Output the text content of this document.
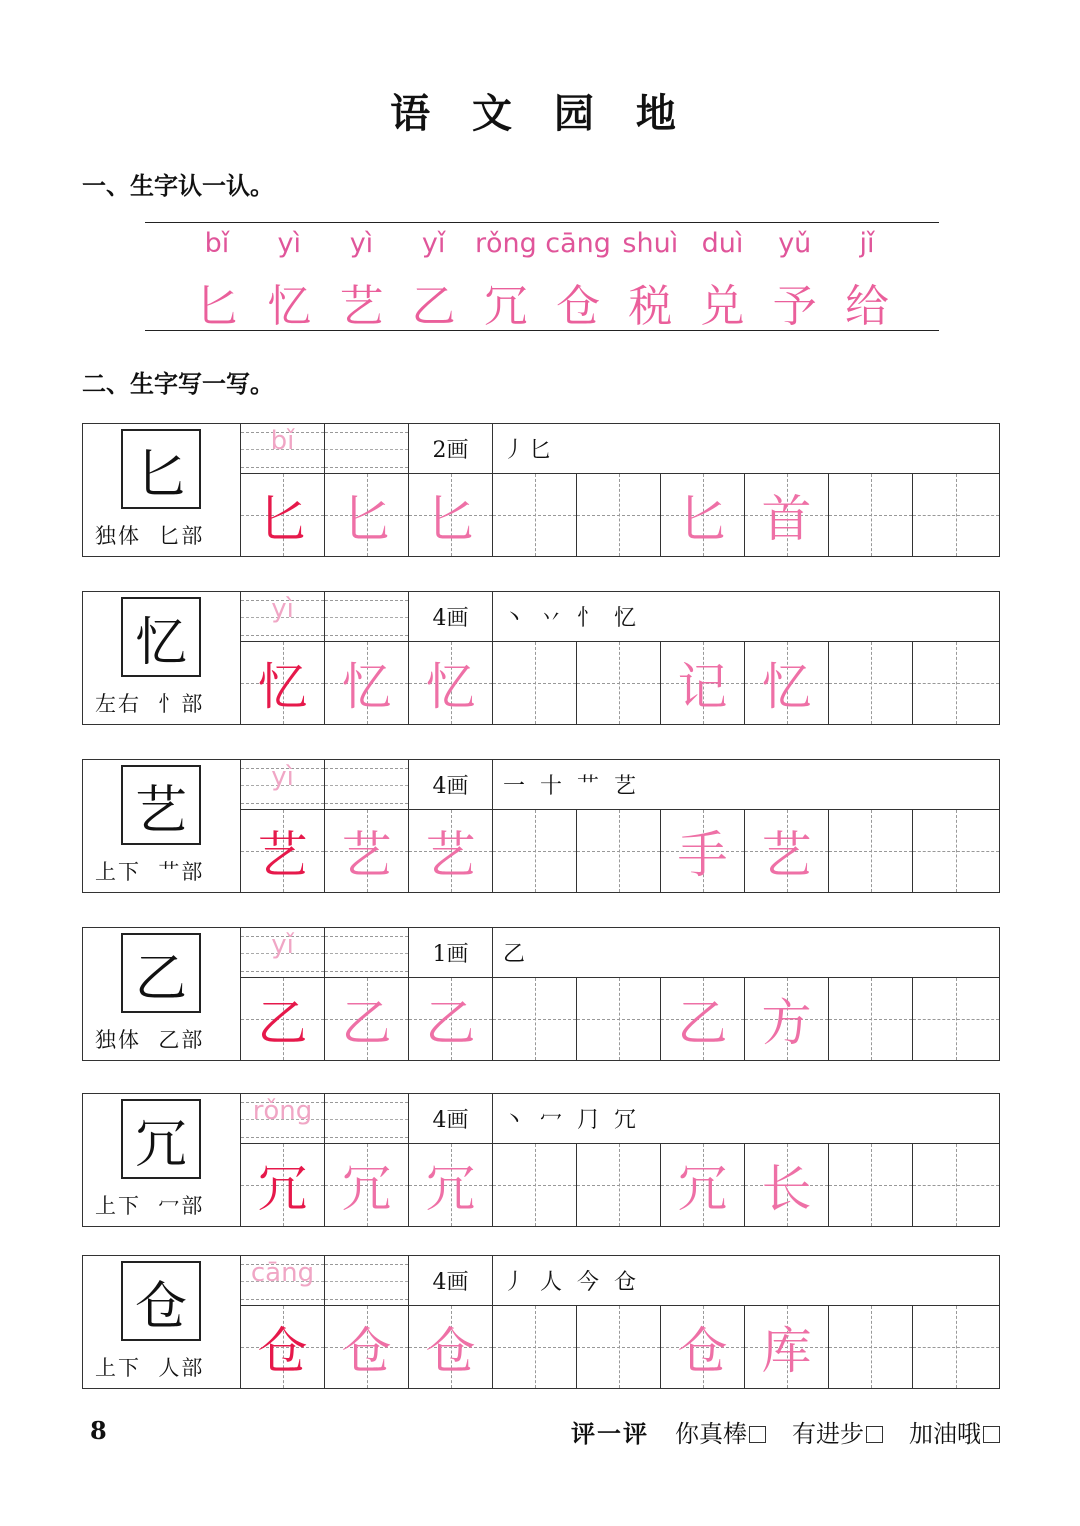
语 文 园 地
一、生字认一认。
bǐ	yì	yì	yǐ	rǒng cāng shuì duì	yǔ	jǐ
匕 忆 艺 乙 冗 仓 税 兑 予 给
二、生字写一写。
匕
独体  匕部
bǐ	2画	丿匕
匕 匕 匕	匕 首
忆
左右  忄部
yì	4画	丶 丷 忄 忆
忆 忆 忆	记 忆
艺
上下  艹部
yì	4画	一 十 艹 艺
艺 艺 艺	手 艺
乙
独体  乙部
yǐ	1画	乙
乙 乙 乙	乙 方
冗
上下  冖部
rǒng	4画	丶 冖 ⺆ 冗
冗 冗 冗	冗 长
仓
上下  人部
cāng	4画	丿 人 今 仓
仓 仓 仓	仓 库
8	评一评 你真棒	有进步	加油哦
